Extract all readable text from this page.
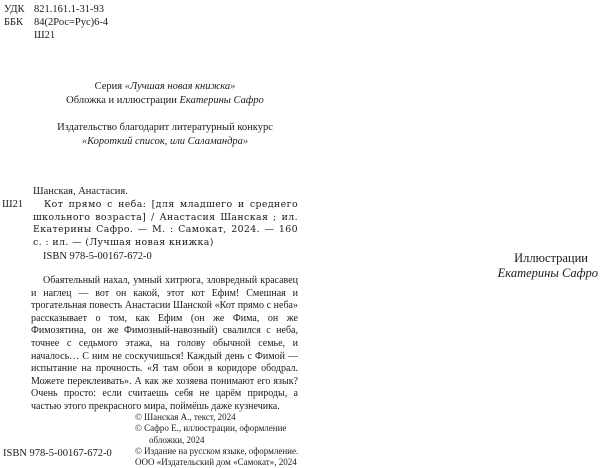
УДК 821.161.1-31-93
ББК	84(2Рос=Рус)6-4
Ш21
Серия «Лучшая новая книжка»
Обложка и иллюстрации Екатерины Сафро
Издательство благодарит литературный конкурс
«Короткий список, или Саламандра»
Шанская, Анастасия.
Ш21	Кот прямо с неба: [для младшего и среднего школьного возраста] / Анастасия Шанская ; ил. Екатерины Сафро. — М. : Самокат, 2024. — 160 с. : ил. — (Лучшая новая книжка)
ISBN 978-5-00167-672-0
Обаятельный нахал, умный хитрюга, зловредный красавец и наглец — вот он какой, этот кот Ефим! Смешная и трогательная повесть Анастасии Шанской «Кот прямо с неба» рассказывает о том, как Ефим (он же Фима, он же Фимозятина, он же Фимозный-навозный) свалился с неба, точнее с седьмого этажа, на голову обычной семье, и началось… С ним не соскучишься! Каждый день с Фимой — испытание на прочность. «Я там обои в коридоре ободрал. Можете переклеивать». А как же хозяева понимают его язык? Очень просто: если считаешь себя не царём природы, а частью этого прекрасного мира, поймёшь даже кузнечика.
© Шанская А., текст, 2024
© Сафро Е., иллюстрации, оформление
обложки, 2024
© Издание на русском языке, оформление.
ООО «Издательский дом «Самокат», 2024
ISBN 978-5-00167-672-0
Иллюстрации
Екатерины Сафро
